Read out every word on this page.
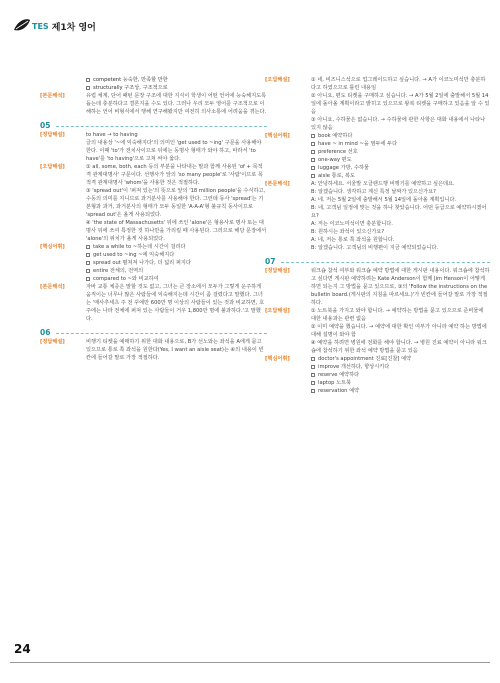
TES 제1차 영어
competent 능숙한, 만족할 만한
structurally 구조상, 구조적으로
[본문해석]	유럽 체계, 단어 패턴 문장 구조에 대한 지식이 학생이 어떤 언어에 능숙해지도록 돕는데 충분하다고 결론지을 수도 있다. 그러나 우리 모두 영어를 구조적으로 이해하는 언어 비형식에서 행해 연구해봤지만 여전히 의사소통에 어려움을 겪는다.
05
[정답해설]	to have → to having
글의 내용상 '~에 익숙해지다'의 의미인 'get used to ~ing' 구문을 사용해야 한다. 이때 'to'가 전치사이므로 뒤에는 동명사 형태가 와야 하고, 따라서 'to have'를 'to having'으로 고쳐 써야 옳다.
[오답해설]	① all, some, both, each 등의 부분을 나타내는 말과 함께 사용된 'of + 목적격 관계대명사' 구문이다. 선행사가 앞의 'so many people'로 '사람'이므로 목적격 관계대명사 'whom'을 사용한 것은 적절하다.
③ 'spread out'이 '퍼져 있는'의 뜻으로 앞의 '18 million people'을 수식하고, 수동의 의미를 지니므로 과거분사를 사용해야 한다. 그런데 동사 'spread'는 기본형과 과거, 과거분사의 형태가 모두 동일한 'A-A-A'형 불규칙 동사이므로 'spread out'은 올게 사용되었다.
④ 'the state of Massachusetts' 뒤에 쓰인 'alone'은 형용사로 명사 또는 대명사 뒤에 쓰여 특정한 것 하나만을 가리킬 때 사용된다. 그러므로 해당 문장에서 'alone'의 위치가 올게 사용되었다.
[핵심어휘]	take a while to ~하는데 시간이 걸리다
get used to ~ing ~에 익숙해지다
spread out 펼쳐져 나가다, 더 넓리 퍼지다
entire 전체의, 전역의
compared to ~와 비교하여
[본문해석]	자바 교통 체증은 말할 것도 없고, 그녀는 큰 장소에서 모두가 그렇게 운주하게 움직이는 너무나 많은 사람들에 익숙해지는데 시간이 좀 걸렸다고 말했다. 그녀는 '매사추세츠 주 전 꾸에만 600만 명 이상의 사람들이 있는 것과 비교하면, 호주에는 나라 전체에 퍼져 있는 사람들이 거우 1,800만 명에 불과하다.'고 말했다.
06
[정답해설]	비행기 티켓을 예매하기 위한 대화 내용으로, B가 선노와는 좌석을 A에게 묻고 있으므로 통로 쪽 좌석을 원한다(Yes, I want an aisle seat)는 ④의 내용이 빈칸에 들어갈 말로 가장 적절하다.
[오답해설]	① 네, 비즈니스석으로 업그레이드하고 싶습니다. → A가 이코노미석만 충분하다고 하였으므로 틀린 내용임
② 아니요, 편도 티켓을 구매하고 싶습니다. → A가 5월 2일에 출발해서 5월 14일에 돌아올 계획이라고 밝히고 있으므로 왕복 티켓을 구매하고 있음을 알 수 있음
③ 아니요, 수하물은 없습니다. → 수하물에 관한 사항은 대화 내용에서 나타나 있지 않음
[핵심어휘]	book 예약하다
have ~ in mind ~을 염두에 두다
preference 선호
one-way 편도
luggage 가방, 수하물
aisle 통로, 복도
[본문해석]	A: 안녕하세요. 서울발 오클랜드행 비행기를 예약하고 싶은데요.
B: 알겠습니다. 생각하고 계신 특정 날짜가 있으신가요?
A: 네. 저는 5월 2일에 출발해서 5월 14일에 돌아올 계획입니다.
B: 네, 고객님 일정에 맞는 것을 하나 찾았습니다. 어떤 등급으로 예약하시겠어요?
A: 저는 이코노미석이면 충분합니다.
B: 원하시는 좌석이 있으신가요?
A: 네, 저는 통로 쪽 좌석을 원합니다.
B: 알겠습니다. 고객님의 비행편이 지금 예약되었습니다.
07
[정답해설]	워크숍 참석 여부와 워크숍 예약 방법에 대한 게시판 내용이다. 워크숍에 참석하고 싶다면 게시판 예약하려는 Kate Anderson이 함께 Jim Henson이 어떻게 하면 되는지 그 방법을 묻고 있으므로, ③의 'Follow the instructions on the bulletin board.(게시판의 지침을 따르세요.)'가 빈칸에 들어갈 말로 가장 적절하다.
[오답해설]	① 노트북을 가지고 와야 합니다. → 예약하는 방법을 묻고 있으므로 준비물에 대한 내용과는 관련 없음
② 이미 예약을 했습니다. → 예약에 대한 확인 여부가 아니라 예약 하는 방법에 대해 설명이 와야 함
④ 예약을 하려면 병원에 전화를 해야 합니다. → 병원 진료 예약이 아니라 워크숍에 참석하기 위한 좌석 예약 방법을 묻고 있음
[핵심어휘]	doctor's appointment 진료[진찰] 예약
improve 개선하다, 향상시키다
reserve 예약하다
laptop 노트북
reservation 예약
24
